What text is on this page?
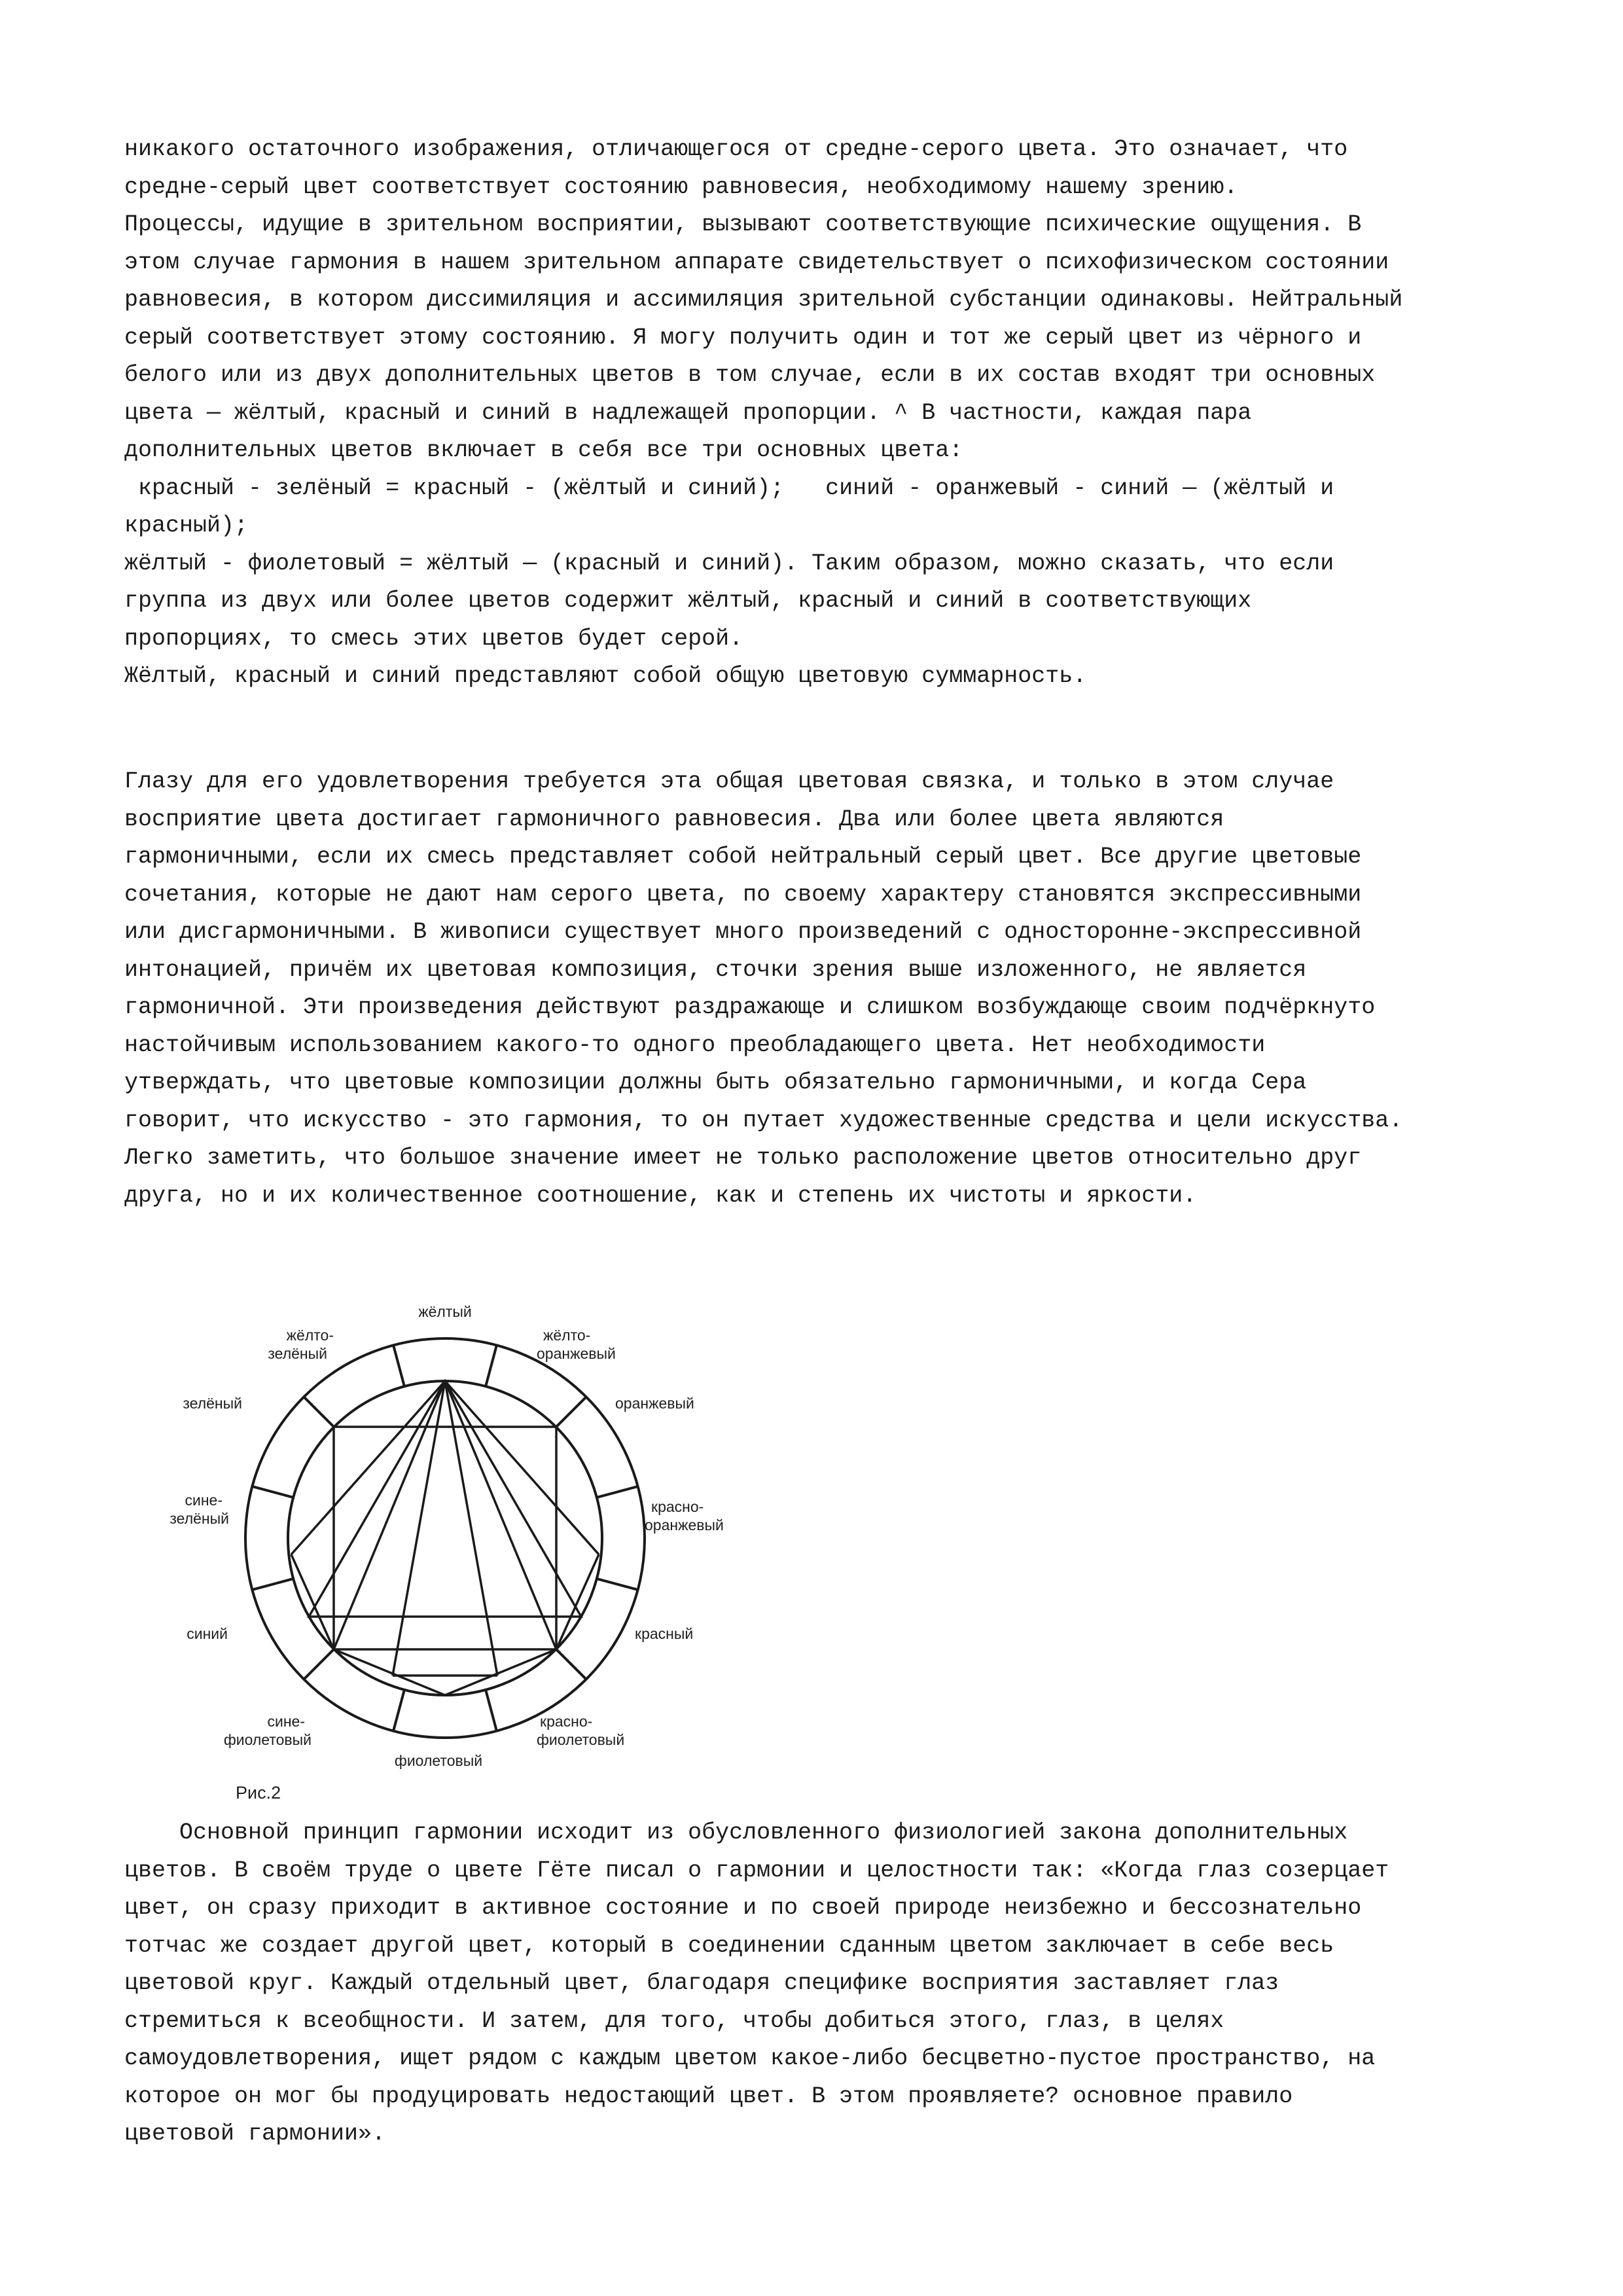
никакого остаточного изображения, отличающегося от средне-серого цвета. Это означает, что
средне-серый цвет соответствует состоянию равновесия, необходимому нашему зрению.
Процессы, идущие в зрительном восприятии, вызывают соответствующие психические ощущения. В
этом случае гармония в нашем зрительном аппарате свидетельствует о психофизическом состоянии
равновесия, в котором диссимиляция и ассимиляция зрительной субстанции одинаковы. Нейтральный
серый соответствует этому состоянию. Я могу получить один и тот же серый цвет из чёрного и
белого или из двух дополнительных цветов в том случае, если в их состав входят три основных
цвета — жёлтый, красный и синий в надлежащей пропорции. ^ В частности, каждая пара
дополнительных цветов включает в себя все три основных цвета:
красный - зелёный = красный - (жёлтый и синий);   синий - оранжевый - синий — (жёлтый и
красный);
жёлтый - фиолетовый = жёлтый — (красный и синий). Таким образом, можно сказать, что если
группа из двух или более цветов содержит жёлтый, красный и синий в соответствующих
пропорциях, то смесь этих цветов будет серой.
Жёлтый, красный и синий представляют собой общую цветовую суммарность.
Глазу для его удовлетворения требуется эта общая цветовая связка, и только в этом случае
восприятие цвета достигает гармоничного равновесия. Два или более цвета являются
гармоничными, если их смесь представляет собой нейтральный серый цвет. Все другие цветовые
сочетания, которые не дают нам серого цвета, по своему характеру становятся экспрессивными
или дисгармоничными. В живописи существует много произведений с односторонне-экспрессивной
интонацией, причём их цветовая композиция, сточки зрения выше изложенного, не является
гармоничной. Эти произведения действуют раздражающе и слишком возбуждающе своим подчёркнуто
настойчивым использованием какого-то одного преобладающего цвета. Нет необходимости
утверждать, что цветовые композиции должны быть обязательно гармоничными, и когда Сера
говорит, что искусство - это гармония, то он путает художественные средства и цели искусства.
Легко заметить, что большое значение имеет не только расположение цветов относительно друг
друга, но и их количественное соотношение, как и степень их чистоты и яркости.
жёлтый
жёлто-
оранжевый
оранжевый
красно-
оранжевый
красный
красно-
фиолетовый
фиолетовый
сине-
фиолетовый
синий
сине-
зелёный
зелёный
жёлто-
зелёный
Рис.2
Основной принцип гармонии исходит из обусловленного физиологией закона дополнительных
цветов. В своём труде о цвете Гёте писал о гармонии и целостности так: «Когда глаз созерцает
цвет, он сразу приходит в активное состояние и по своей природе неизбежно и бессознательно
тотчас же создает другой цвет, который в соединении сданным цветом заключает в себе весь
цветовой круг. Каждый отдельный цвет, благодаря специфике восприятия заставляет глаз
стремиться к всеобщности. И затем, для того, чтобы добиться этого, глаз, в целях
самоудовлетворения, ищет рядом с каждым цветом какое-либо бесцветно-пустое пространство, на
которое он мог бы продуцировать недостающий цвет. В этом проявляете? основное правило
цветовой гармонии».
